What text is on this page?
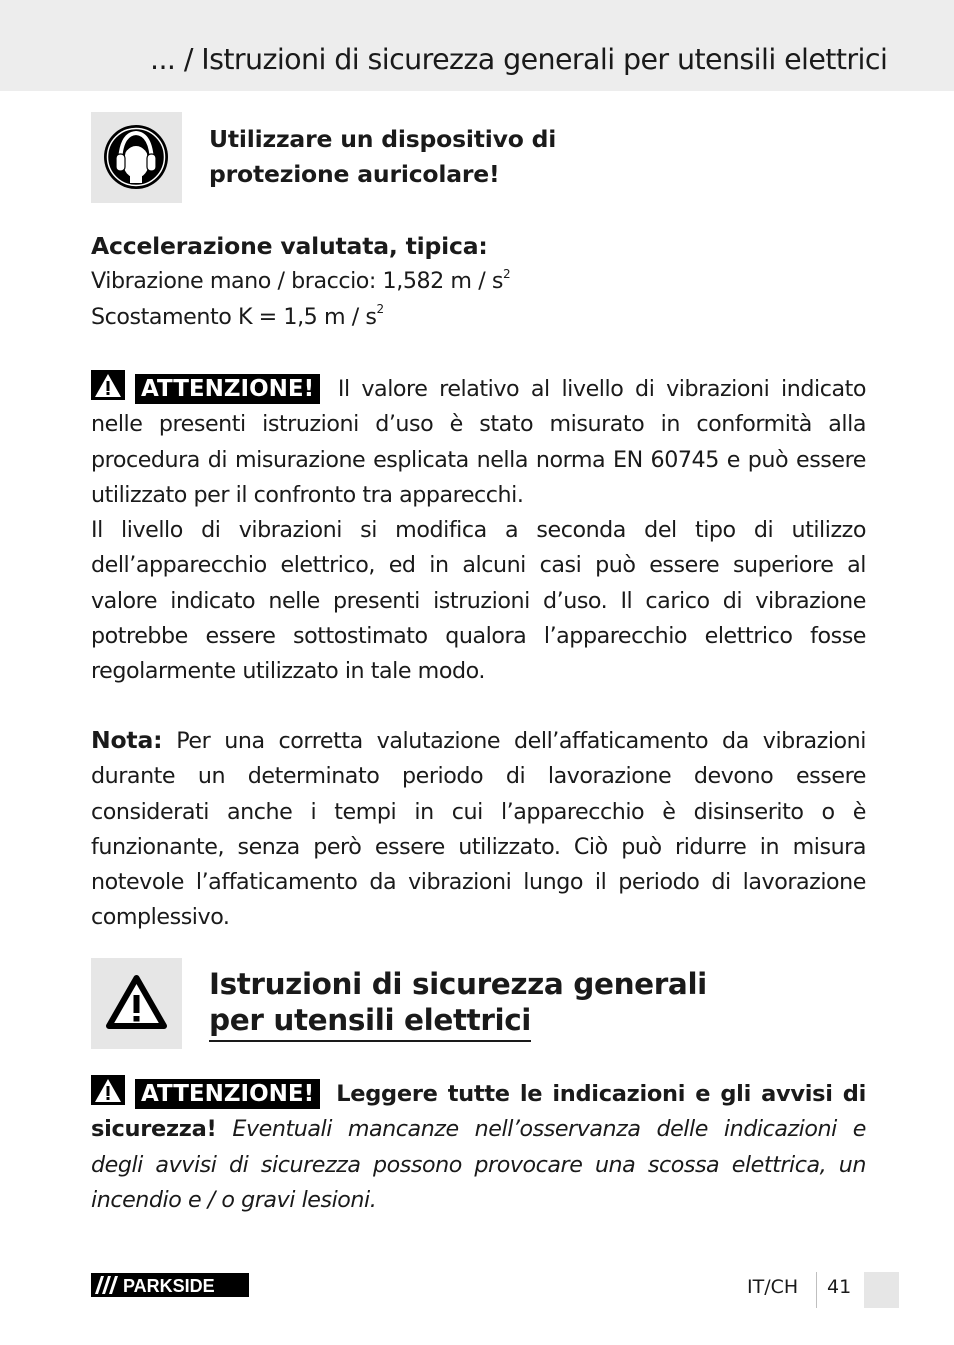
... / Istruzioni di sicurezza generali per utensili elettrici
Utilizzare un dispositivo di
protezione auricolare!
Accelerazione valutata, tipica:
Vibrazione mano / braccio: 1,582 m / $s^2$
Scostamento K = 1,5 m / $s^2$
ATTENZIONE! Il valore relativo al livello di vibrazioni indicato nelle presenti istruzioni d’uso è stato misurato in conformità alla procedura di misurazione esplicata nella norma EN 60745 e può essere utilizzato per il confronto tra apparecchi.
Il livello di vibrazioni si modifica a seconda del tipo di utilizzo dell’apparecchio elettrico, ed in alcuni casi può essere superiore al valore indicato nelle presenti istruzioni d’uso. Il carico di vibrazione potrebbe essere sottostimato qualora l’apparecchio elettrico fosse regolarmente utilizzato in tale modo.
Nota: Per una corretta valutazione dell’affaticamento da vibrazioni durante un determinato periodo di lavorazione devono essere considerati anche i tempi in cui l’apparecchio è disinserito o è funzionante, senza però essere utilizzato. Ciò può ridurre in misura notevole l’affaticamento da vibrazioni lungo il periodo di lavorazione complessivo.
Istruzioni di sicurezza generali
per utensili elettrici
ATTENZIONE! Leggere tutte le indicazioni e gli avvisi di sicurezza! Eventuali mancanze nell’osservanza delle indicazioni e degli avvisi di sicurezza possono provocare una scossa elettrica, un incendio e / o gravi lesioni.
PARKSIDE	IT/CH 41
